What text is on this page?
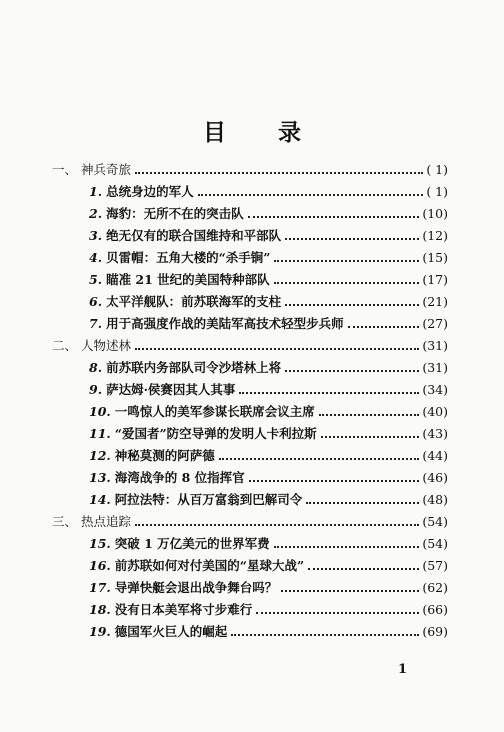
目 录
一、 神兵奇旅	( 1)
1. 总统身边的军人	( 1)
2. 海豹：无所不在的突击队	(10)
3. 绝无仅有的联合国维持和平部队	(12)
4. 贝雷帽：五角大楼的“杀手锏”	(15)
5. 瞄准 21 世纪的美国特种部队	(17)
6. 太平洋舰队：前苏联海军的支柱	(21)
7. 用于高强度作战的美陆军高技术轻型步兵师	(27)
二、 人物述林	(31)
8. 前苏联内务部队司令沙塔林上将	(31)
9. 萨达姆·侯赛因其人其事	(34)
10. 一鸣惊人的美军参谋长联席会议主席	(40)
11. “爱国者”防空导弹的发明人卡利拉斯	(43)
12. 神秘莫测的阿萨德	(44)
13. 海湾战争的 8 位指挥官	(46)
14. 阿拉法特：从百万富翁到巴解司令	(48)
三、 热点追踪	(54)
15. 突破 1 万亿美元的世界军费	(54)
16. 前苏联如何对付美国的“星球大战”	(57)
17. 导弹快艇会退出战争舞台吗？	(62)
18. 没有日本美军将寸步难行	(66)
19. 德国军火巨人的崛起	(69)
1
